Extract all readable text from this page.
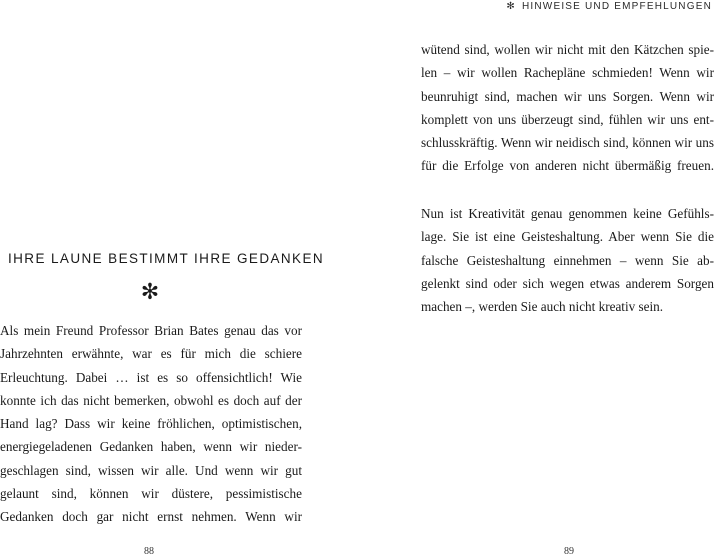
IHRE LAUNE BESTIMMT IHRE GEDANKEN
✻
Als mein Freund Professor Brian Bates genau das vor
Jahrzehnten erwähnte, war es für mich die schiere
Erleuchtung. Dabei … ist es so offensichtlich! Wie
konnte ich das nicht bemerken, obwohl es doch auf der
Hand lag? Dass wir keine fröhlichen, optimistischen,
energiegeladenen Gedanken haben, wenn wir nieder-
geschlagen sind, wissen wir alle. Und wenn wir gut
gelaunt sind, können wir düstere, pessimistische
Gedanken doch gar nicht ernst nehmen. Wenn wir
88
✻ HINWEISE UND EMPFEHLUNGEN
wütend sind, wollen wir nicht mit den Kätzchen spie-
len – wir wollen Rachepläne schmieden! Wenn wir
beunruhigt sind, machen wir uns Sorgen. Wenn wir
komplett von uns überzeugt sind, fühlen wir uns ent-
schlusskräftig. Wenn wir neidisch sind, können wir uns
für die Erfolge von anderen nicht übermäßig freuen.
Nun ist Kreativität genau genommen keine Gefühls-
lage. Sie ist eine Geisteshaltung. Aber wenn Sie die
falsche Geisteshaltung einnehmen – wenn Sie ab-
gelenkt sind oder sich wegen etwas anderem Sorgen
machen –, werden Sie auch nicht kreativ sein.
89
